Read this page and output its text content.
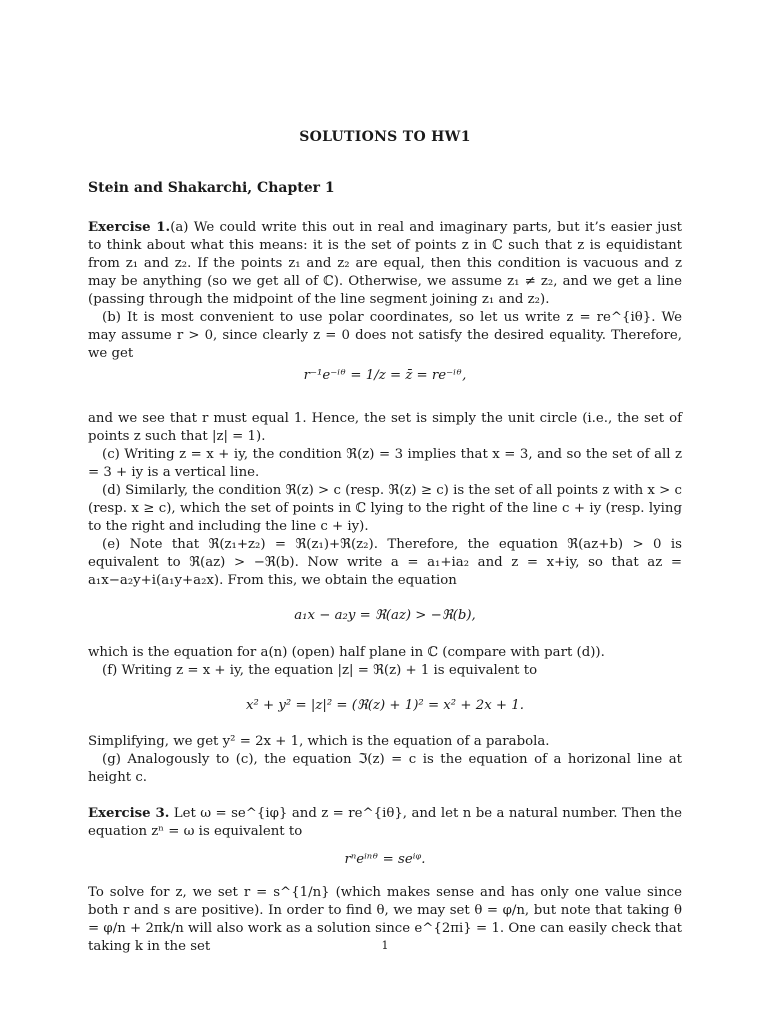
SOLUTIONS TO HW1
Stein and Shakarchi, Chapter 1
Exercise 1.(a) We could write this out in real and imaginary parts, but it’s easier just to think about what this means: it is the set of points z in ℂ such that z is equidistant from z₁ and z₂. If the points z₁ and z₂ are equal, then this condition is vacuous and z may be anything (so we get all of ℂ). Otherwise, we assume z₁ ≠ z₂, and we get a line (passing through the midpoint of the line segment joining z₁ and z₂).
(b) It is most convenient to use polar coordinates, so let us write z = re^{iθ}. We may assume r > 0, since clearly z = 0 does not satisfy the desired equality. Therefore, we get
r⁻¹e⁻ⁱᶿ = 1/z = z̄ = re⁻ⁱᶿ,
and we see that r must equal 1. Hence, the set is simply the unit circle (i.e., the set of points z such that |z| = 1).
(c) Writing z = x + iy, the condition ℜ(z) = 3 implies that x = 3, and so the set of all z = 3 + iy is a vertical line.
(d) Similarly, the condition ℜ(z) > c (resp. ℜ(z) ≥ c) is the set of all points z with x > c (resp. x ≥ c), which the set of points in ℂ lying to the right of the line c + iy (resp. lying to the right and including the line c + iy).
(e) Note that ℜ(z₁+z₂) = ℜ(z₁)+ℜ(z₂). Therefore, the equation ℜ(az+b) > 0 is equivalent to ℜ(az) > −ℜ(b). Now write a = a₁+ia₂ and z = x+iy, so that az = a₁x−a₂y+i(a₁y+a₂x). From this, we obtain the equation
a₁x − a₂y = ℜ(az) > −ℜ(b),
which is the equation for a(n) (open) half plane in ℂ (compare with part (d)).
(f) Writing z = x + iy, the equation |z| = ℜ(z) + 1 is equivalent to
x² + y² = |z|² = (ℜ(z) + 1)² = x² + 2x + 1.
Simplifying, we get y² = 2x + 1, which is the equation of a parabola.
(g) Analogously to (c), the equation ℑ(z) = c is the equation of a horizonal line at height c.
Exercise 3. Let ω = se^{iφ} and z = re^{iθ}, and let n be a natural number. Then the equation zⁿ = ω is equivalent to
rⁿeⁱⁿᶿ = seⁱᵠ.
To solve for z, we set r = s^{1/n} (which makes sense and has only one value since both r and s are positive). In order to find θ, we may set θ = φ/n, but note that taking θ = φ/n + 2πk/n will also work as a solution since e^{2πi} = 1. One can easily check that taking k in the set	1
